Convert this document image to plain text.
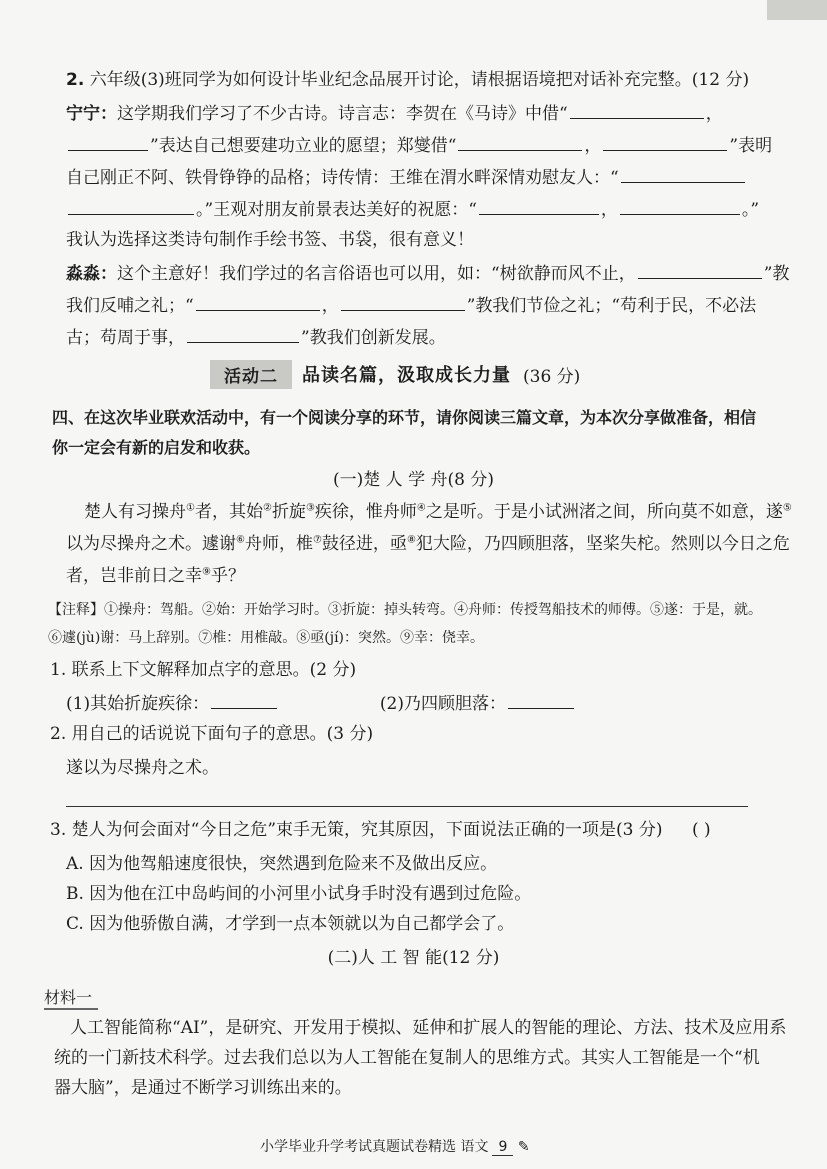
2. 六年级(3)班同学为如何设计毕业纪念品展开讨论，请根据语境把对话补充完整。(12 分)
宁宁：这学期我们学习了不少古诗。诗言志：李贺在《马诗》中借“	，
”表达自己想要建功立业的愿望；郑燮借“	，	”表明
自己刚正不阿、铁骨铮铮的品格；诗传情：王维在渭水畔深情劝慰友人：“
。”王观对朋友前景表达美好的祝愿：“	，	。”
我认为选择这类诗句制作手绘书签、书袋，很有意义！
淼淼：这个主意好！我们学过的名言俗语也可以用，如：“树欲静而风不止，	”教
我们反哺之礼；“	，	”教我们节俭之礼；“苟利于民，不必法
古；苟周于事，	”教我们创新发展。
活动二	品读名篇，汲取成长力量 (36 分)
四、在这次毕业联欢活动中，有一个阅读分享的环节，请你阅读三篇文章，为本次分享做准备，相信
你一定会有新的启发和收获。
(一)楚 人 学 舟(8 分)
楚人有习操舟①者，其始②折旋③疾徐，惟舟师④之是听。于是小试洲渚之间，所向莫不如意，遂⑤
以为尽操舟之术。遽谢⑥舟师，椎⑦鼓径进，亟⑧犯大险，乃四顾胆落，坚桨失柁。然则以今日之危
者，岂非前日之幸⑨乎？
【注释】①操舟：驾船。②始：开始学习时。③折旋：掉头转弯。④舟师：传授驾船技术的师傅。⑤遂：于是，就。
⑥遽(jù)谢：马上辞别。⑦椎：用椎敲。⑧亟(jí)：突然。⑨幸：侥幸。
1. 联系上下文解释加点字的意思。(2 分)
(1)其始折旋疾徐：	(2)乃四顾胆落：
2. 用自己的话说说下面句子的意思。(3 分)
遂以为尽操舟之术。
3. 楚人为何会面对“今日之危”束手无策，究其原因，下面说法正确的一项是(3 分) ( )
A. 因为他驾船速度很快，突然遇到危险来不及做出反应。
B. 因为他在江中岛屿间的小河里小试身手时没有遇到过危险。
C. 因为他骄傲自满，才学到一点本领就以为自己都学会了。
(二)人 工 智 能(12 分)
材料一
人工智能简称“AI”，是研究、开发用于模拟、延伸和扩展人的智能的理论、方法、技术及应用系
统的一门新技术科学。过去我们总以为人工智能在复制人的思维方式。其实人工智能是一个“机
器大脑”，是通过不断学习训练出来的。
小学毕业升学考试真题试卷精选 语文 9 ✎
